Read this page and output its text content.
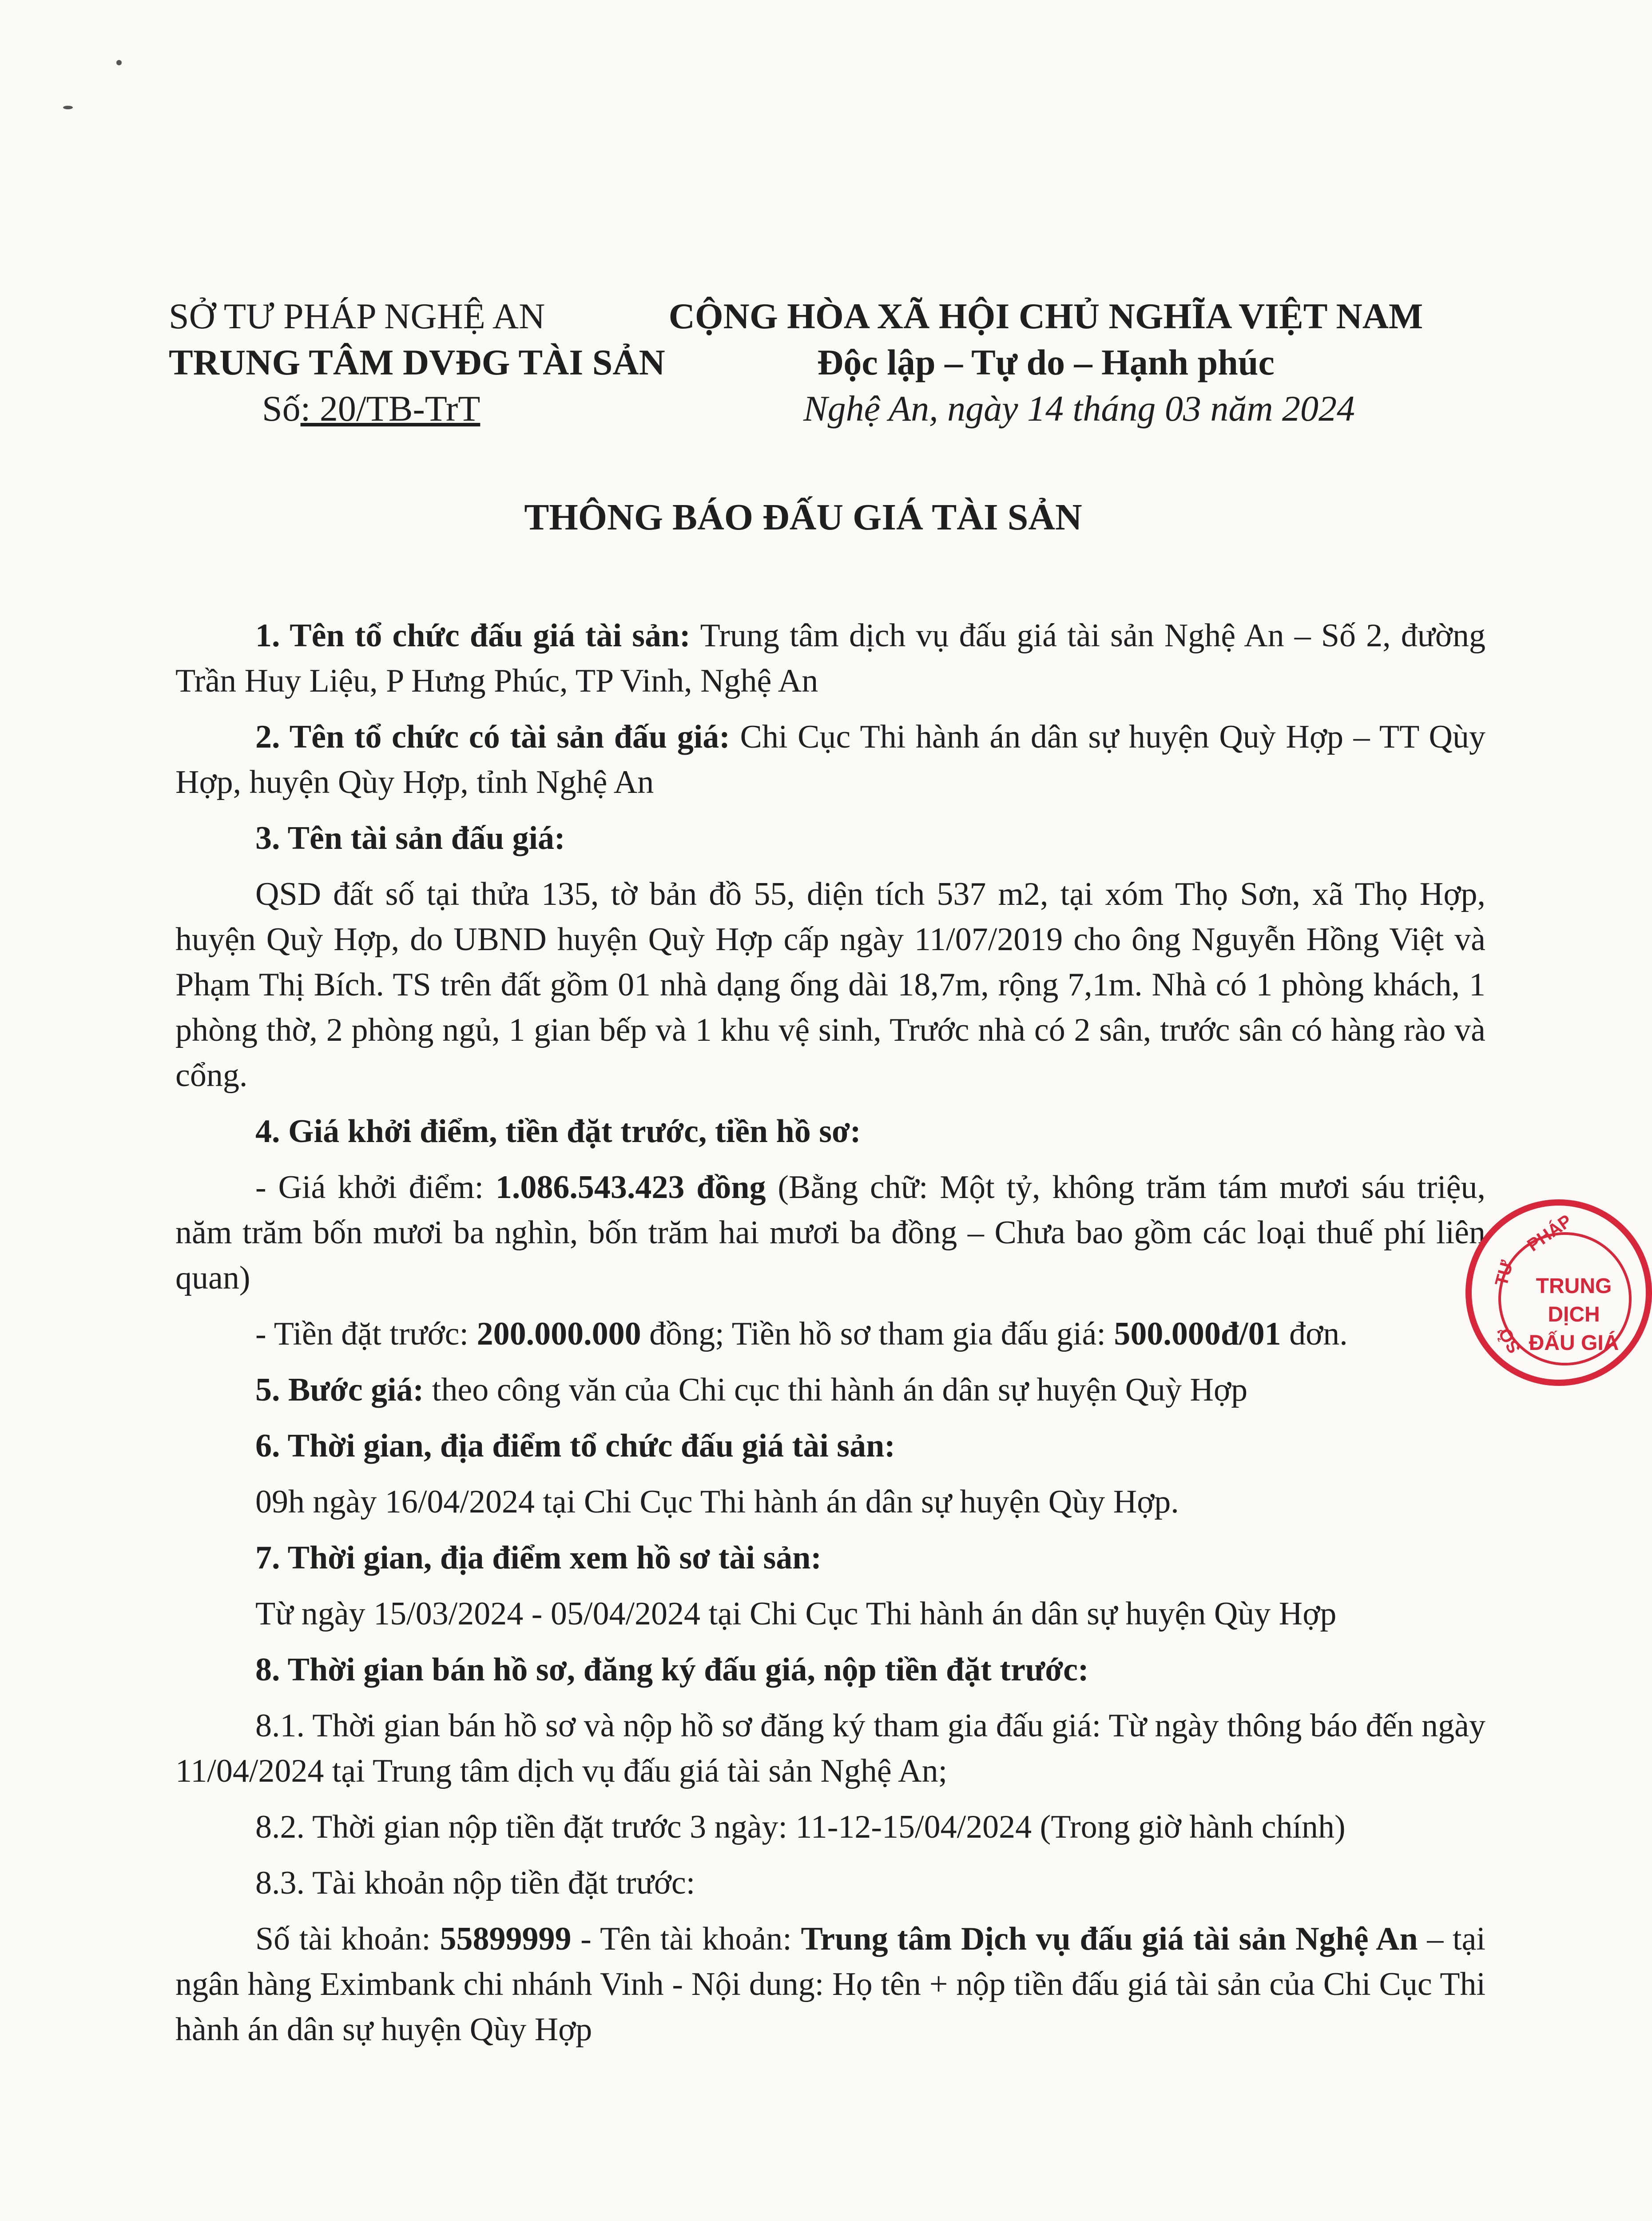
SỞ TƯ PHÁP NGHỆ AN
TRUNG TÂM DVĐG TÀI SẢN
Số: 20/TB-TrT
CỘNG HÒA XÃ HỘI CHỦ NGHĨA VIỆT NAM
Độc lập – Tự do – Hạnh phúc
Nghệ An, ngày 14 tháng 03 năm 2024
THÔNG BÁO ĐẤU GIÁ TÀI SẢN

1. Tên tổ chức đấu giá tài sản: Trung tâm dịch vụ đấu giá tài sản Nghệ An – Số 2, đường Trần Huy Liệu, P Hưng Phúc, TP Vinh, Nghệ An

2. Tên tổ chức có tài sản đấu giá: Chi Cục Thi hành án dân sự huyện Quỳ Hợp – TT Qùy Hợp, huyện Qùy Hợp, tỉnh Nghệ An

3. Tên tài sản đấu giá:

QSD đất số tại thửa 135, tờ bản đồ 55, diện tích 537 m2, tại xóm Thọ Sơn, xã Thọ Hợp, huyện Quỳ Hợp, do UBND huyện Quỳ Hợp cấp ngày 11/07/2019 cho ông Nguyễn Hồng Việt và Phạm Thị Bích. TS trên đất gồm 01 nhà dạng ống dài 18,7m, rộng 7,1m. Nhà có 1 phòng khách, 1 phòng thờ, 2 phòng ngủ, 1 gian bếp và 1 khu vệ sinh, Trước nhà có 2 sân, trước sân có hàng rào và cổng.

4. Giá khởi điểm, tiền đặt trước, tiền hồ sơ:

- Giá khởi điểm: 1.086.543.423 đồng (Bằng chữ: Một tỷ, không trăm tám mươi sáu triệu, năm trăm bốn mươi ba nghìn, bốn trăm hai mươi ba đồng – Chưa bao gồm các loại thuế phí liên quan)

- Tiền đặt trước: 200.000.000 đồng; Tiền hồ sơ tham gia đấu giá: 500.000đ/01 đơn.

5. Bước giá: theo công văn của Chi cục thi hành án dân sự huyện Quỳ Hợp

6. Thời gian, địa điểm tổ chức đấu giá tài sản:

09h ngày 16/04/2024 tại Chi Cục Thi hành án dân sự huyện Qùy Hợp.

7. Thời gian, địa điểm xem hồ sơ tài sản:

Từ ngày 15/03/2024 - 05/04/2024 tại Chi Cục Thi hành án dân sự huyện Qùy Hợp

8. Thời gian bán hồ sơ, đăng ký đấu giá, nộp tiền đặt trước:

8.1. Thời gian bán hồ sơ và nộp hồ sơ đăng ký tham gia đấu giá: Từ ngày thông báo đến ngày 11/04/2024 tại Trung tâm dịch vụ đấu giá tài sản Nghệ An;

8.2. Thời gian nộp tiền đặt trước 3 ngày: 11-12-15/04/2024 (Trong giờ hành chính)

8.3. Tài khoản nộp tiền đặt trước:

Số tài khoản: 55899999 - Tên tài khoản: Trung tâm Dịch vụ đấu giá tài sản Nghệ An – tại ngân hàng Eximbank chi nhánh Vinh - Nội dung: Họ tên + nộp tiền đấu giá tài sản của Chi Cục Thi hành án dân sự huyện Qùy Hợp

PHÁP
TƯ
SỞ
TRUNG
DỊCH
ĐẤU GIÁ
